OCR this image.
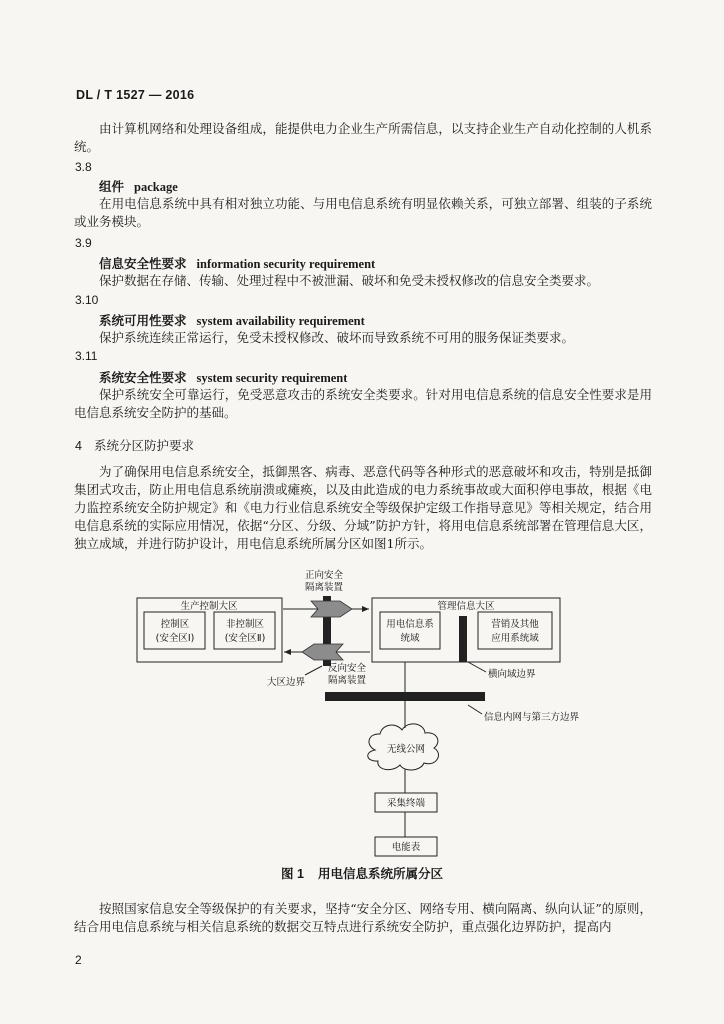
DL / T 1527 — 2016

由计算机网络和处理设备组成，能提供电力企业生产所需信息，以支持企业生产自动化控制的人机系统。

3.8
组件 package

在用电信息系统中具有相对独立功能、与用电信息系统有明显依赖关系，可独立部署、组装的子系统或业务模块。

3.9
信息安全性要求 information security requirement

保护数据在存储、传输、处理过程中不被泄漏、破坏和免受未授权修改的信息安全类要求。

3.10
系统可用性要求 system availability requirement

保护系统连续正常运行，免受未授权修改、破坏而导致系统不可用的服务保证类要求。

3.11
系统安全性要求 system security requirement

保护系统安全可靠运行，免受恶意攻击的系统安全类要求。针对用电信息系统的信息安全性要求是用电信息系统安全防护的基础。

4 系统分区防护要求

为了确保用电信息系统安全，抵御黑客、病毒、恶意代码等各种形式的恶意破坏和攻击，特别是抵御集团式攻击，防止用电信息系统崩溃或瘫痪，以及由此造成的电力系统事故或大面积停电事故，根据《电力监控系统安全防护规定》和《电力行业信息系统安全等级保护定级工作指导意见》等相关规定，结合用电信息系统的实际应用情况，依据“分区、分级、分域”防护方针，将用电信息系统部署在管理信息大区，独立成域，并进行防护设计，用电信息系统所属分区如图1所示。

正向安全
隔离装置
反向安全
隔离装置
生产控制大区
控制区
(安全区Ⅰ)
非控制区
(安全区Ⅱ)
管理信息大区
用电信息系
统域
营销及其他
应用系统域
大区边界
无线公网
采集终端
电能表
横向域边界
信息内网与第三方边界
图 1 用电信息系统所属分区

按照国家信息安全等级保护的有关要求，坚持“安全分区、网络专用、横向隔离、纵向认证”的原则，结合用电信息系统与相关信息系统的数据交互特点进行系统安全防护，重点强化边界防护，提高内

2
